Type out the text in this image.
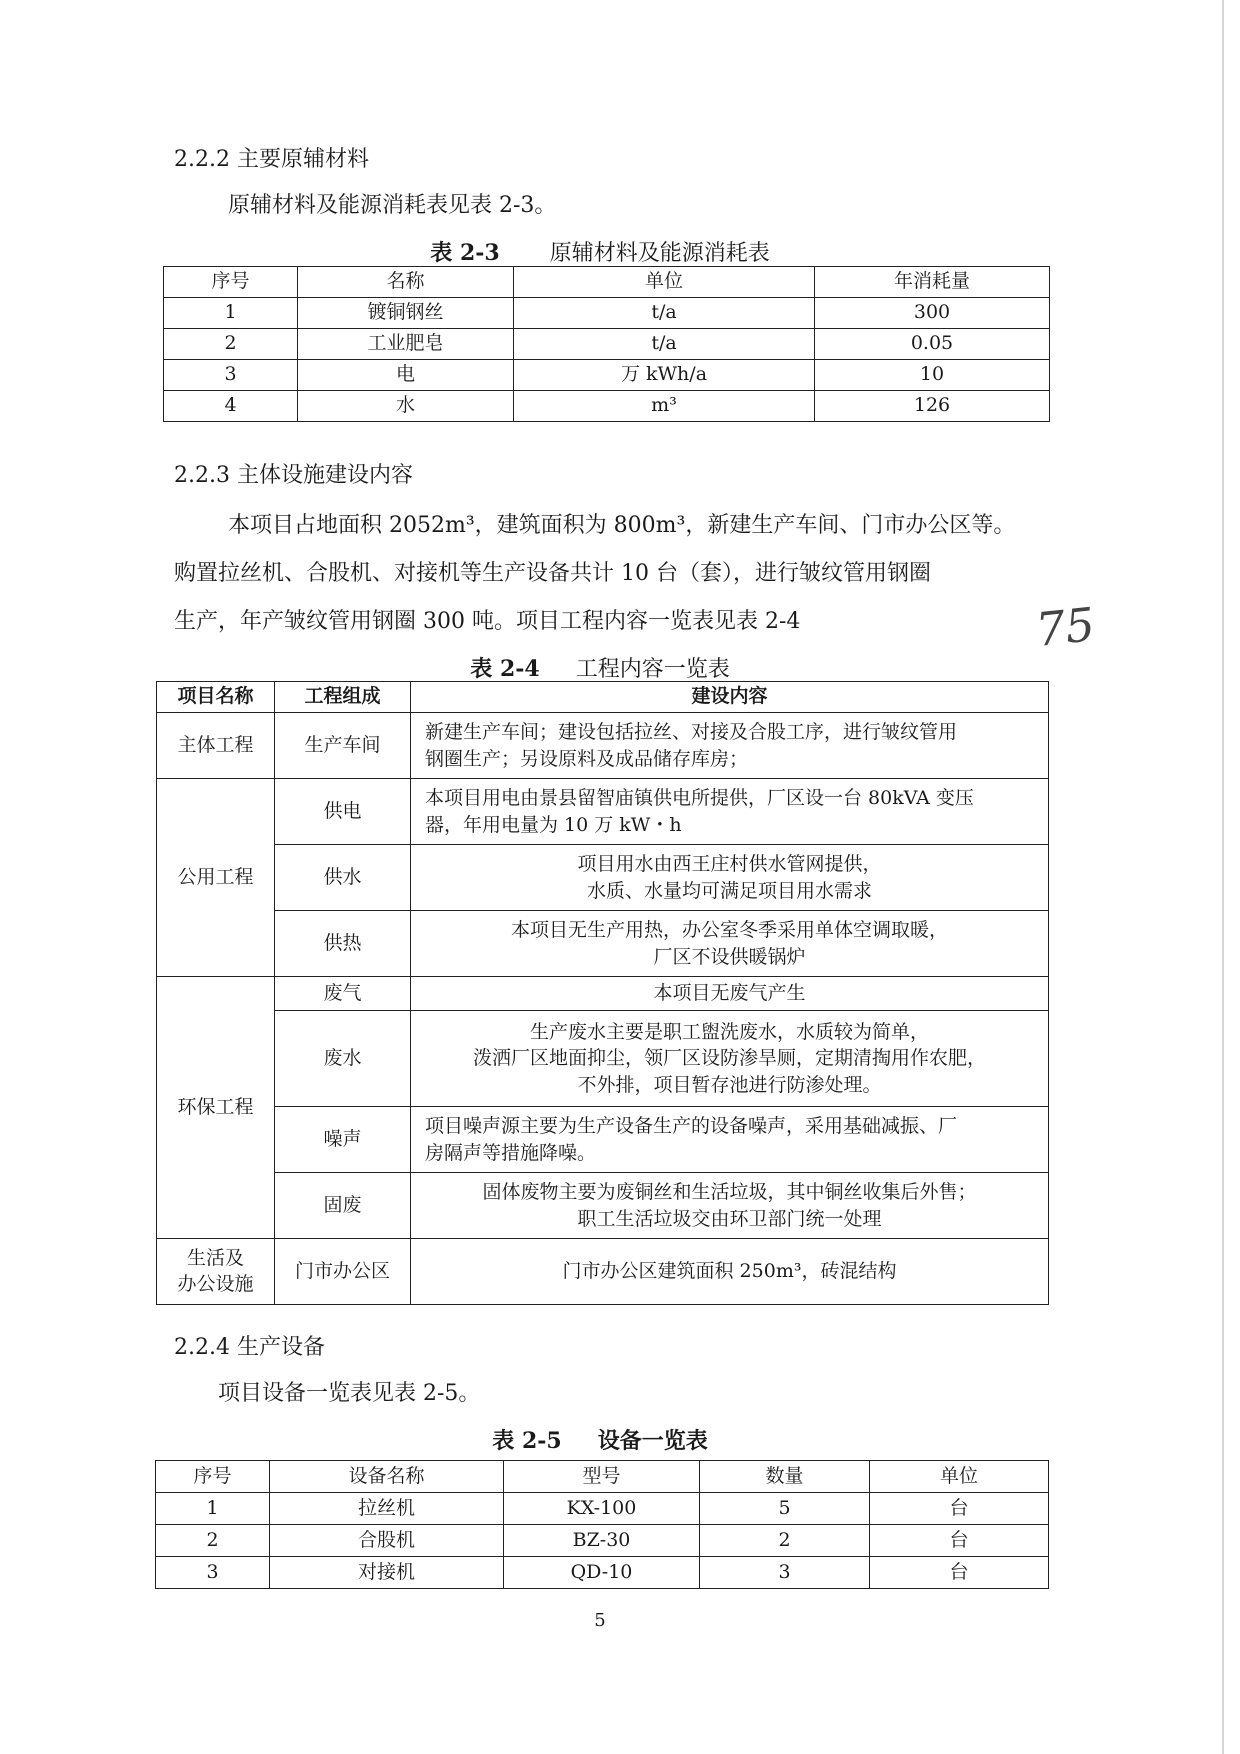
2.2.2 主要原辅材料
原辅材料及能源消耗表见表 2-3。
表 2-3 原辅材料及能源消耗表
序号	名称	单位	年消耗量
1	镀铜钢丝	t/a	300
2	工业肥皂	t/a	0.05
3	电	万 kWh/a	10
4	水	m³	126
2.2.3 主体设施建设内容
本项目占地面积 2052m³，建筑面积为 800m³，新建生产车间、门市办公区等。
购置拉丝机、合股机、对接机等生产设备共计 10 台（套），进行皱纹管用钢圈
生产，年产皱纹管用钢圈 300 吨。项目工程内容一览表见表 2-4	75
表 2-4 工程内容一览表
项目名称	工程组成	建设内容
主体工程	生产车间	新建生产车间；建设包括拉丝、对接及合股工序，进行皱纹管用
钢圈生产；另设原料及成品储存库房；

公用工程	供电	本项目用电由景县留智庙镇供电所提供，厂区设一台 80kVA 变压
器，年用电量为 10 万 kW・h

	供水	项目用水由西王庄村供水管网提供，
水质、水量均可满足项目用水需求

	供热	本项目无生产用热，办公室冬季采用单体空调取暖，
厂区不设供暖锅炉

环保工程	废气	本项目无废气产生

	废水	生产废水主要是职工盥洗废水，水质较为简单，
泼洒厂区地面抑尘，领厂区设防渗旱厕，定期清掏用作农肥，
不外排，项目暂存池进行防渗处理。

	噪声	项目噪声源主要为生产设备生产的设备噪声，采用基础减振、厂
房隔声等措施降噪。

	固废	固体废物主要为废铜丝和生活垃圾，其中铜丝收集后外售；
职工生活垃圾交由环卫部门统一处理

生活及
办公设施	门市办公区	门市办公区建筑面积 250m³，砖混结构
2.2.4 生产设备
项目设备一览表见表 2-5。
表 2-5 设备一览表
序号	设备名称	型号	数量	单位
1	拉丝机	KX-100	5	台
2	合股机	BZ-30	2	台
3	对接机	QD-10	3	台
5
